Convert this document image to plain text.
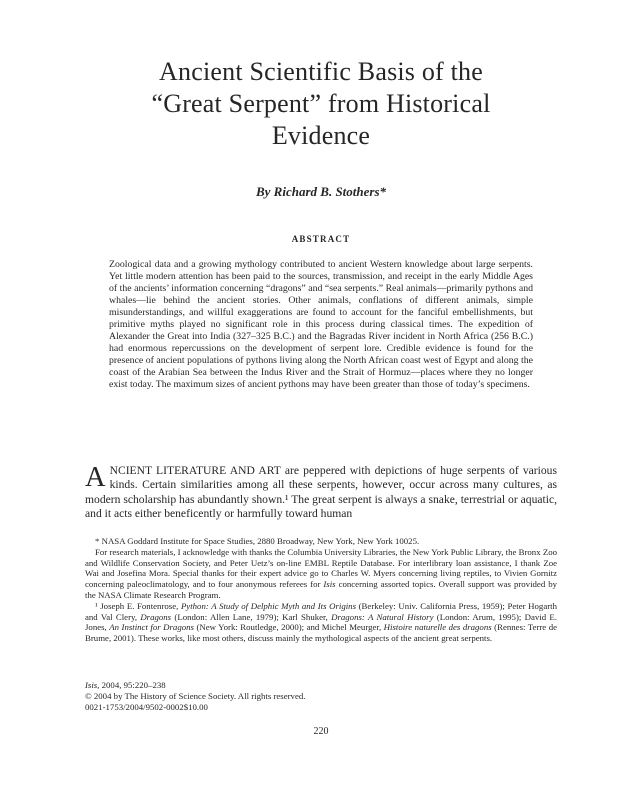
Ancient Scientific Basis of the
“Great Serpent” from Historical
Evidence
By Richard B. Stothers*
ABSTRACT
Zoological data and a growing mythology contributed to ancient Western knowledge about large serpents. Yet little modern attention has been paid to the sources, transmission, and receipt in the early Middle Ages of the ancients’ information concerning “dragons” and “sea serpents.” Real animals—primarily pythons and whales—lie behind the ancient stories. Other animals, conflations of different animals, simple misunderstandings, and willful exaggerations are found to account for the fanciful embellishments, but primitive myths played no significant role in this process during classical times. The expedition of Alexander the Great into India (327–325 B.C.) and the Bagradas River incident in North Africa (256 B.C.) had enormous repercussions on the development of serpent lore. Credible evidence is found for the presence of ancient populations of pythons living along the North African coast west of Egypt and along the coast of the Arabian Sea between the Indus River and the Strait of Hormuz—places where they no longer exist today. The maximum sizes of ancient pythons may have been greater than those of today’s specimens.

ANCIENT LITERATURE AND ART are peppered with depictions of huge serpents of various kinds. Certain similarities among all these serpents, however, occur across many cultures, as modern scholarship has abundantly shown.¹ The great serpent is always a snake, terrestrial or aquatic, and it acts either beneficently or harmfully toward human

* NASA Goddard Institute for Space Studies, 2880 Broadway, New York, New York 10025.

For research materials, I acknowledge with thanks the Columbia University Libraries, the New York Public Library, the Bronx Zoo and Wildlife Conservation Society, and Peter Uetz’s on-line EMBL Reptile Database. For interlibrary loan assistance, I thank Zoe Wai and Josefina Mora. Special thanks for their expert advice go to Charles W. Myers concerning living reptiles, to Vivien Gornitz concerning paleoclimatology, and to four anonymous referees for Isis concerning assorted topics. Overall support was provided by the NASA Climate Research Program.

¹ Joseph E. Fontenrose, Python: A Study of Delphic Myth and Its Origins (Berkeley: Univ. California Press, 1959); Peter Hogarth and Val Clery, Dragons (London: Allen Lane, 1979); Karl Shuker, Dragons: A Natural History (London: Arum, 1995); David E. Jones, An Instinct for Dragons (New York: Routledge, 2000); and Michel Meurger, Histoire naturelle des dragons (Rennes: Terre de Brume, 2001). These works, like most others, discuss mainly the mythological aspects of the ancient great serpents.

Isis, 2004, 95:220–238
© 2004 by The History of Science Society. All rights reserved.
0021-1753/2004/9502-0002$10.00
220
